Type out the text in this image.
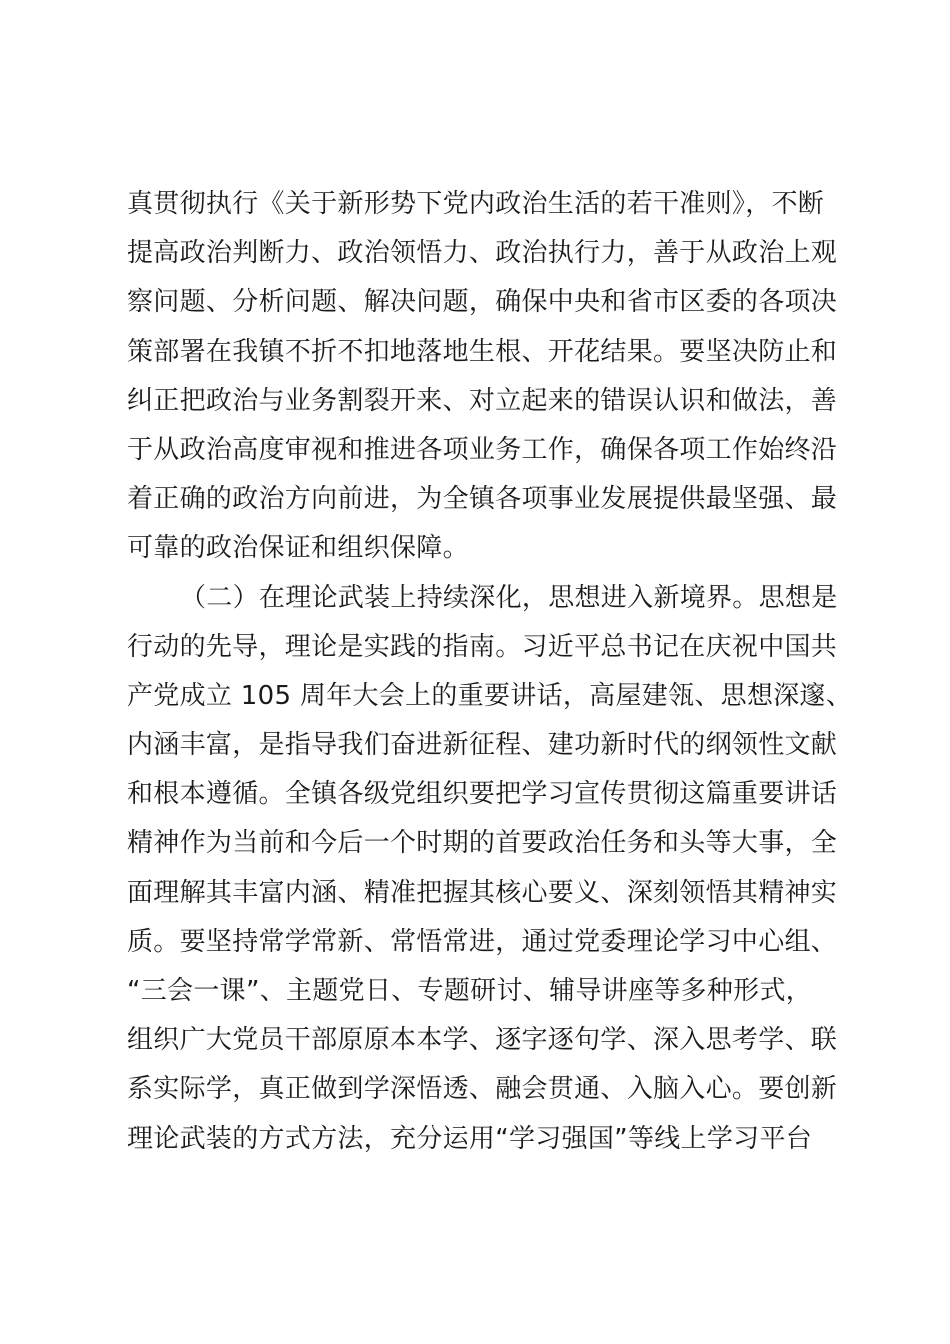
真贯彻执行《关于新形势下党内政治生活的若干准则》，不断
提高政治判断力、政治领悟力、政治执行力，善于从政治上观
察问题、分析问题、解决问题，确保中央和省市区委的各项决
策部署在我镇不折不扣地落地生根、开花结果。要坚决防止和
纠正把政治与业务割裂开来、对立起来的错误认识和做法，善
于从政治高度审视和推进各项业务工作，确保各项工作始终沿
着正确的政治方向前进，为全镇各项事业发展提供最坚强、最
可靠的政治保证和组织保障。
（二）在理论武装上持续深化，思想进入新境界。思想是
行动的先导，理论是实践的指南。习近平总书记在庆祝中国共
产党成立 105 周年大会上的重要讲话，高屋建瓴、思想深邃、
内涵丰富，是指导我们奋进新征程、建功新时代的纲领性文献
和根本遵循。全镇各级党组织要把学习宣传贯彻这篇重要讲话
精神作为当前和今后一个时期的首要政治任务和头等大事，全
面理解其丰富内涵、精准把握其核心要义、深刻领悟其精神实
质。要坚持常学常新、常悟常进，通过党委理论学习中心组、
“三会一课”、主题党日、专题研讨、辅导讲座等多种形式，
组织广大党员干部原原本本学、逐字逐句学、深入思考学、联
系实际学，真正做到学深悟透、融会贯通、入脑入心。要创新
理论武装的方式方法，充分运用“学习强国”等线上学习平台
